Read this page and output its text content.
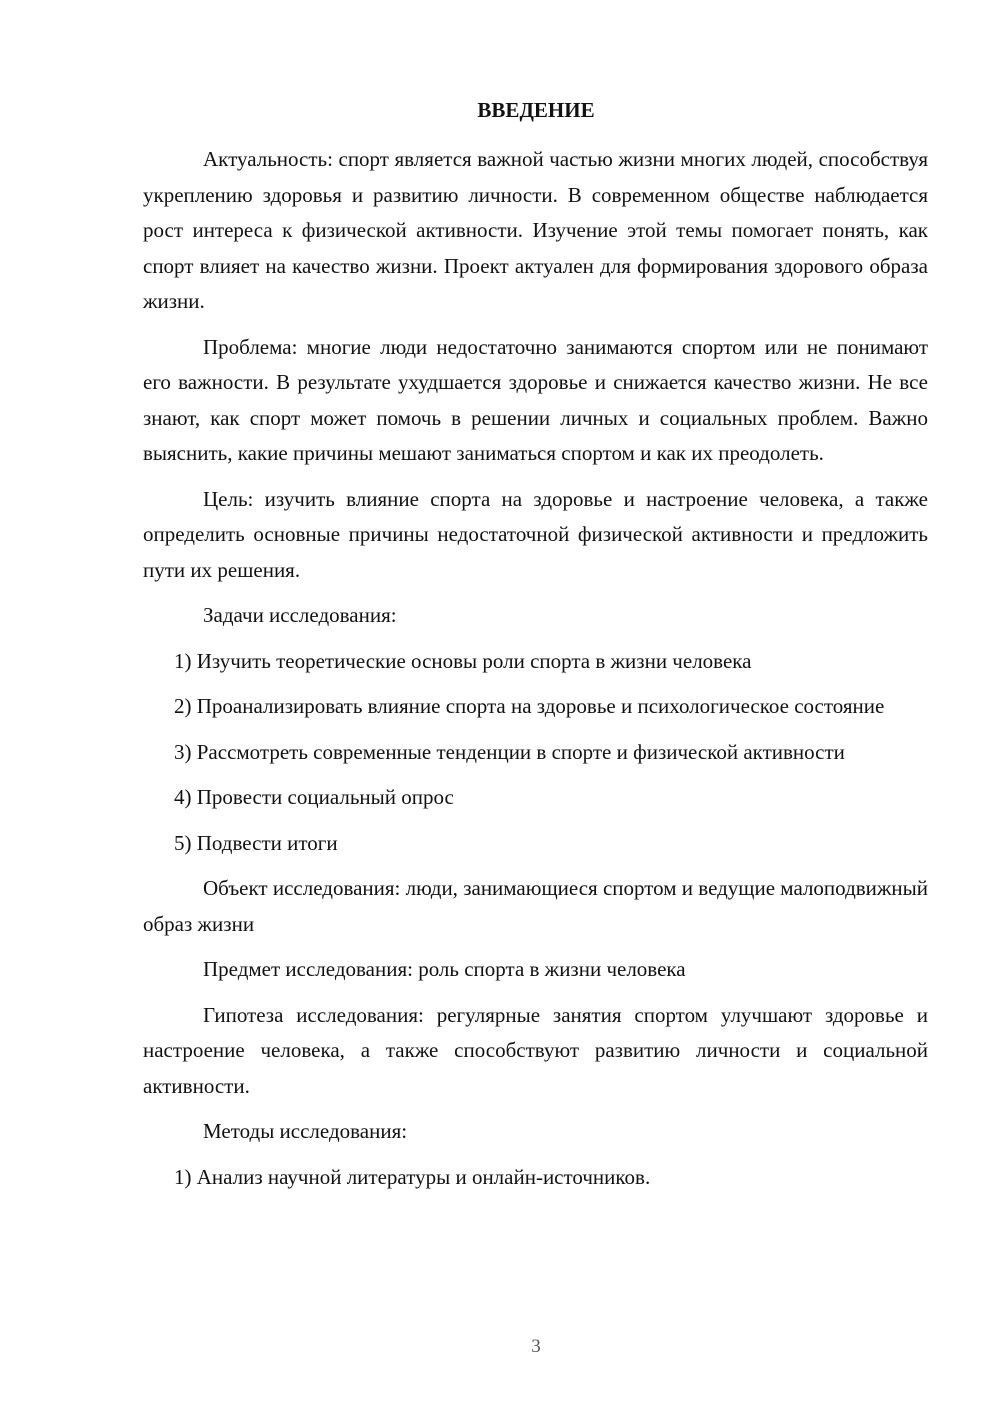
ВВЕДЕНИЕ

Актуальность: спорт является важной частью жизни многих людей, способствуя укреплению здоровья и развитию личности. В современном обществе наблюдается рост интереса к физической активности. Изучение этой темы помогает понять, как спорт влияет на качество жизни. Проект актуален для формирования здорового образа жизни.

Проблема: многие люди недостаточно занимаются спортом или не понимают его важности. В результате ухудшается здоровье и снижается качество жизни. Не все знают, как спорт может помочь в решении личных и социальных проблем. Важно выяснить, какие причины мешают заниматься спортом и как их преодолеть.

Цель: изучить влияние спорта на здоровье и настроение человека, а также определить основные причины недостаточной физической активности и предложить пути их решения.

Задачи исследования:

1) Изучить теоретические основы роли спорта в жизни человека

2) Проанализировать влияние спорта на здоровье и психологическое состояние

3) Рассмотреть современные тенденции в спорте и физической активности

4) Провести социальный опрос

5) Подвести итоги

Объект исследования: люди, занимающиеся спортом и ведущие малоподвижный образ жизни

Предмет исследования: роль спорта в жизни человека

Гипотеза исследования: регулярные занятия спортом улучшают здоровье и настроение человека, а также способствуют развитию личности и социальной активности.

Методы исследования:

1) Анализ научной литературы и онлайн-источников.

3
